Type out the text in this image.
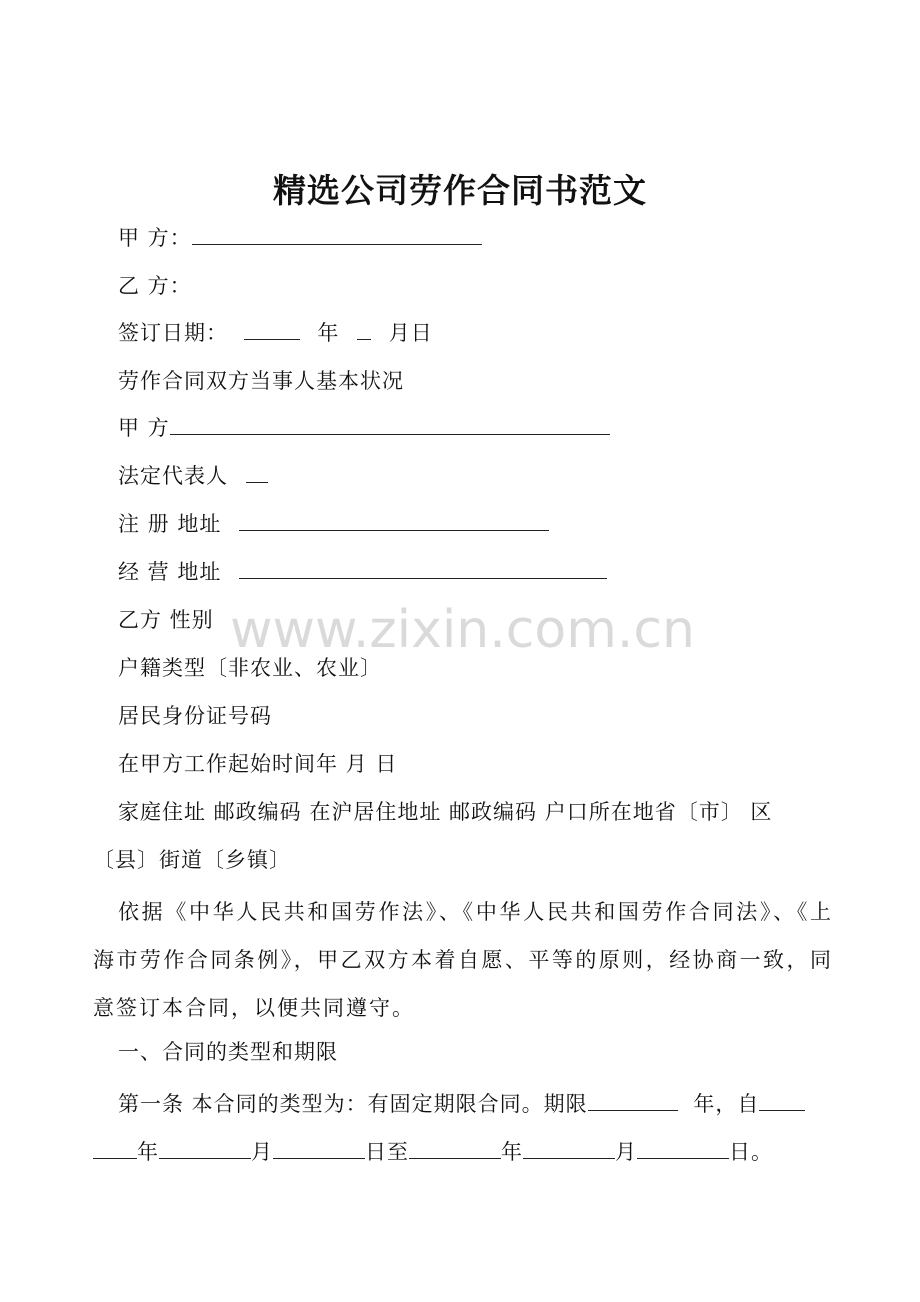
精选公司劳作合同书范文
甲 方：
乙 方：
签订日期：	年 月日
劳作合同双方当事人基本状况
甲 方
法定代表人
注 册 地址
经 营 地址
乙方 性别
户籍类型〔非农业、农业〕
居民身份证号码
在甲方工作起始时间年 月 日
家庭住址 邮政编码 在沪居住地址 邮政编码 户口所在地省〔市〕 区
〔县〕街道〔乡镇〕
依据《中华人民共和国劳作法》、《中华人民共和国劳作合同法》、《上海市劳作合同条例》，甲乙双方本着自愿、平等的原则，经协商一致，同意签订本合同，以便共同遵守。
一、合同的类型和期限
第一条 本合同的类型为：有固定期限合同。期限	年，自
年	月	日至	年	月	日。
www.zixin.com.cn
